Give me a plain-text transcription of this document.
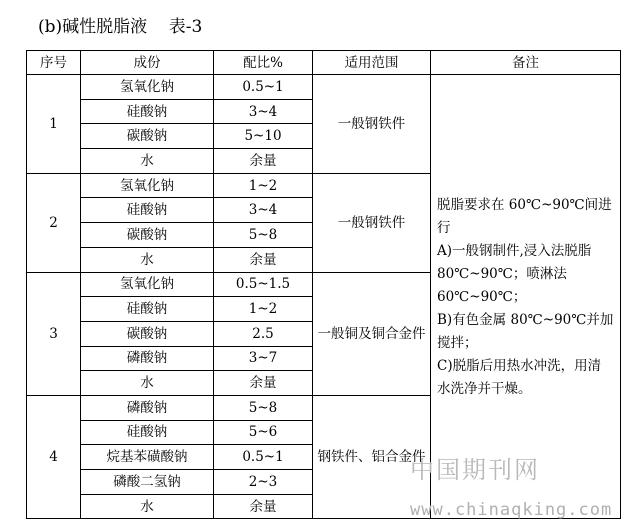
(b)碱性脱脂液    表-3
序号	成份	配比%	适用范围	备注
1	氢氧化钠	0.5~1	一般钢铁件	脱脂要求在 60℃~90℃间进行

A)一般钢制件,浸入法脱脂 80℃~90℃；喷淋法 60℃~90℃；

B)有色金属 80℃~90℃并加搅拌；

C)脱脂后用热水冲洗，用清水洗净并干燥。

	硅酸钠	3~4		
	碳酸钠	5~10		
	水	余量		
2	氢氧化钠	1~2	一般钢铁件	
	硅酸钠	3~4		
	碳酸钠	5~8		
	水	余量		
3	氢氧化钠	0.5~1.5	一般铜及铜合金件	
	硅酸钠	1~2		
	碳酸钠	2.5		
	磷酸钠	3~7		
	水	余量		
4	磷酸钠	5~8	钢铁件、铝合金件	
	硅酸钠	5~6		
	烷基苯磺酸钠	0.5~1		
	磷酸二氢钠	2~3		
	水	余量		
中国期刊网
www.chinaqking.com
